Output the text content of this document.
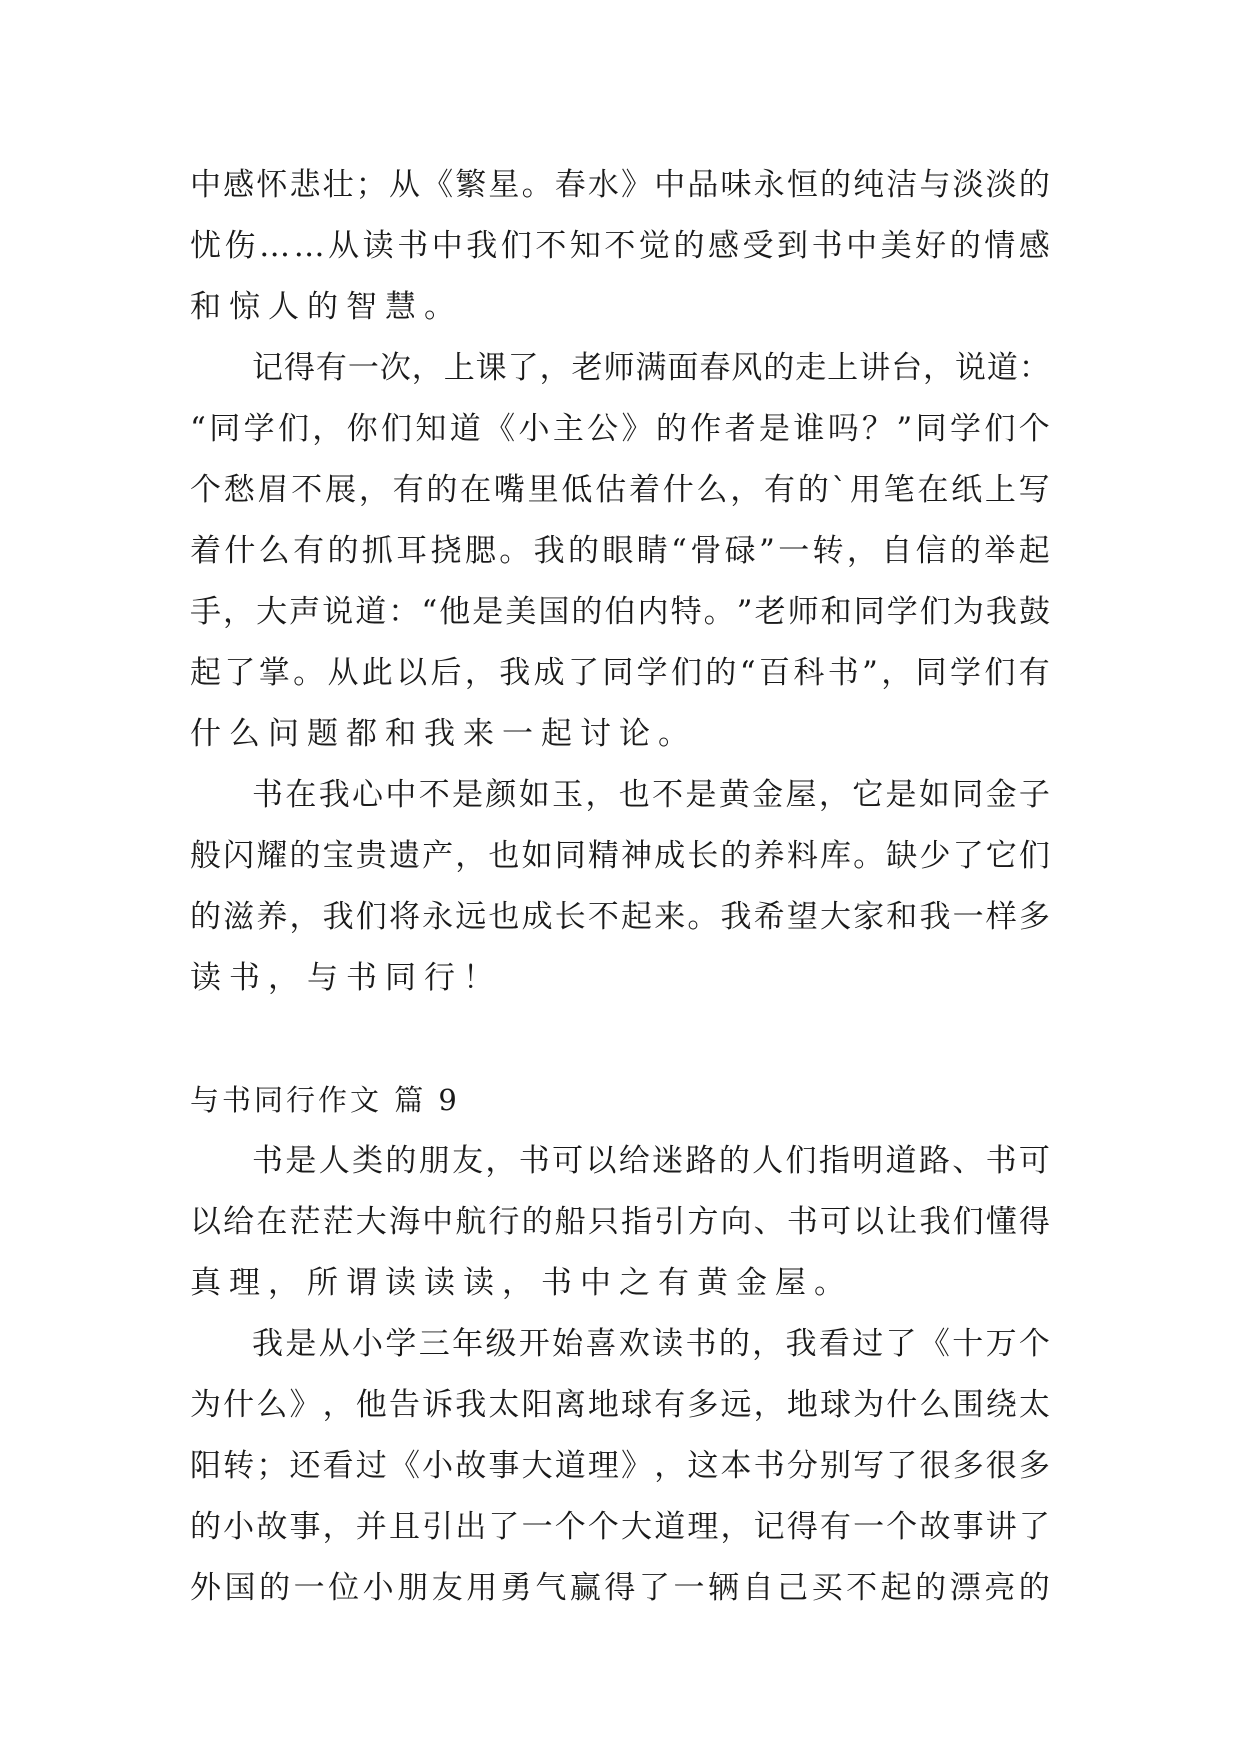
中 感 怀 悲 壮 ； 从 《 繁 星 。 春 水 》 中 品 味 永 恒 的 纯 洁 与 淡 淡 的
忧 伤 … … 从 读 书 中 我 们 不 知 不 觉 的 感 受 到 书 中 美 好 的 情 感
和惊人的智慧。
记 得 有 一 次 ， 上 课 了 ， 老 师 满 面 春 风 的 走 上 讲 台 ， 说 道 ：
“ 同 学 们 ， 你 们 知 道 《 小 主 公 》 的 作 者 是 谁 吗 ？ ” 同 学 们 个
个 愁 眉 不 展 ， 有 的 在 嘴 里 低 估 着 什 么 ， 有 的 ` 用 笔 在 纸 上 写
着 什 么 有 的 抓 耳 挠 腮 。 我 的 眼 睛 “ 骨 碌 ” 一 转 ， 自 信 的 举 起
手 ， 大 声 说 道 ： “ 他 是 美 国 的 伯 内 特 。 ” 老 师 和 同 学 们 为 我 鼓
起 了 掌 。 从 此 以 后 ， 我 成 了 同 学 们 的 “ 百 科 书 ” ， 同 学 们 有
什么问题都和我来一起讨论。
书 在 我 心 中 不 是 颜 如 玉 ， 也 不 是 黄 金 屋 ， 它 是 如 同 金 子
般 闪 耀 的 宝 贵 遗 产 ， 也 如 同 精 神 成 长 的 养 料 库 。 缺 少 了 它 们
的 滋 养 ， 我 们 将 永 远 也 成 长 不 起 来 。 我 希 望 大 家 和 我 一 样 多
读书，与书同行！
与书同行作文 篇 9
书 是 人 类 的 朋 友 ， 书 可 以 给 迷 路 的 人 们 指 明 道 路 、 书 可
以 给 在 茫 茫 大 海 中 航 行 的 船 只 指 引 方 向 、 书 可 以 让 我 们 懂 得
真理，所谓读读读，书中之有黄金屋。
我 是 从 小 学 三 年 级 开 始 喜 欢 读 书 的 ， 我 看 过 了 《 十 万 个
为 什 么 》 ， 他 告 诉 我 太 阳 离 地 球 有 多 远 ， 地 球 为 什 么 围 绕 太
阳 转 ； 还 看 过 《 小 故 事 大 道 理 》 ， 这 本 书 分 别 写 了 很 多 很 多
的 小 故 事 ， 并 且 引 出 了 一 个 个 大 道 理 ， 记 得 有 一 个 故 事 讲 了
外 国 的 一 位 小 朋 友 用 勇 气 赢 得 了 一 辆 自 己 买 不 起 的 漂 亮 的
